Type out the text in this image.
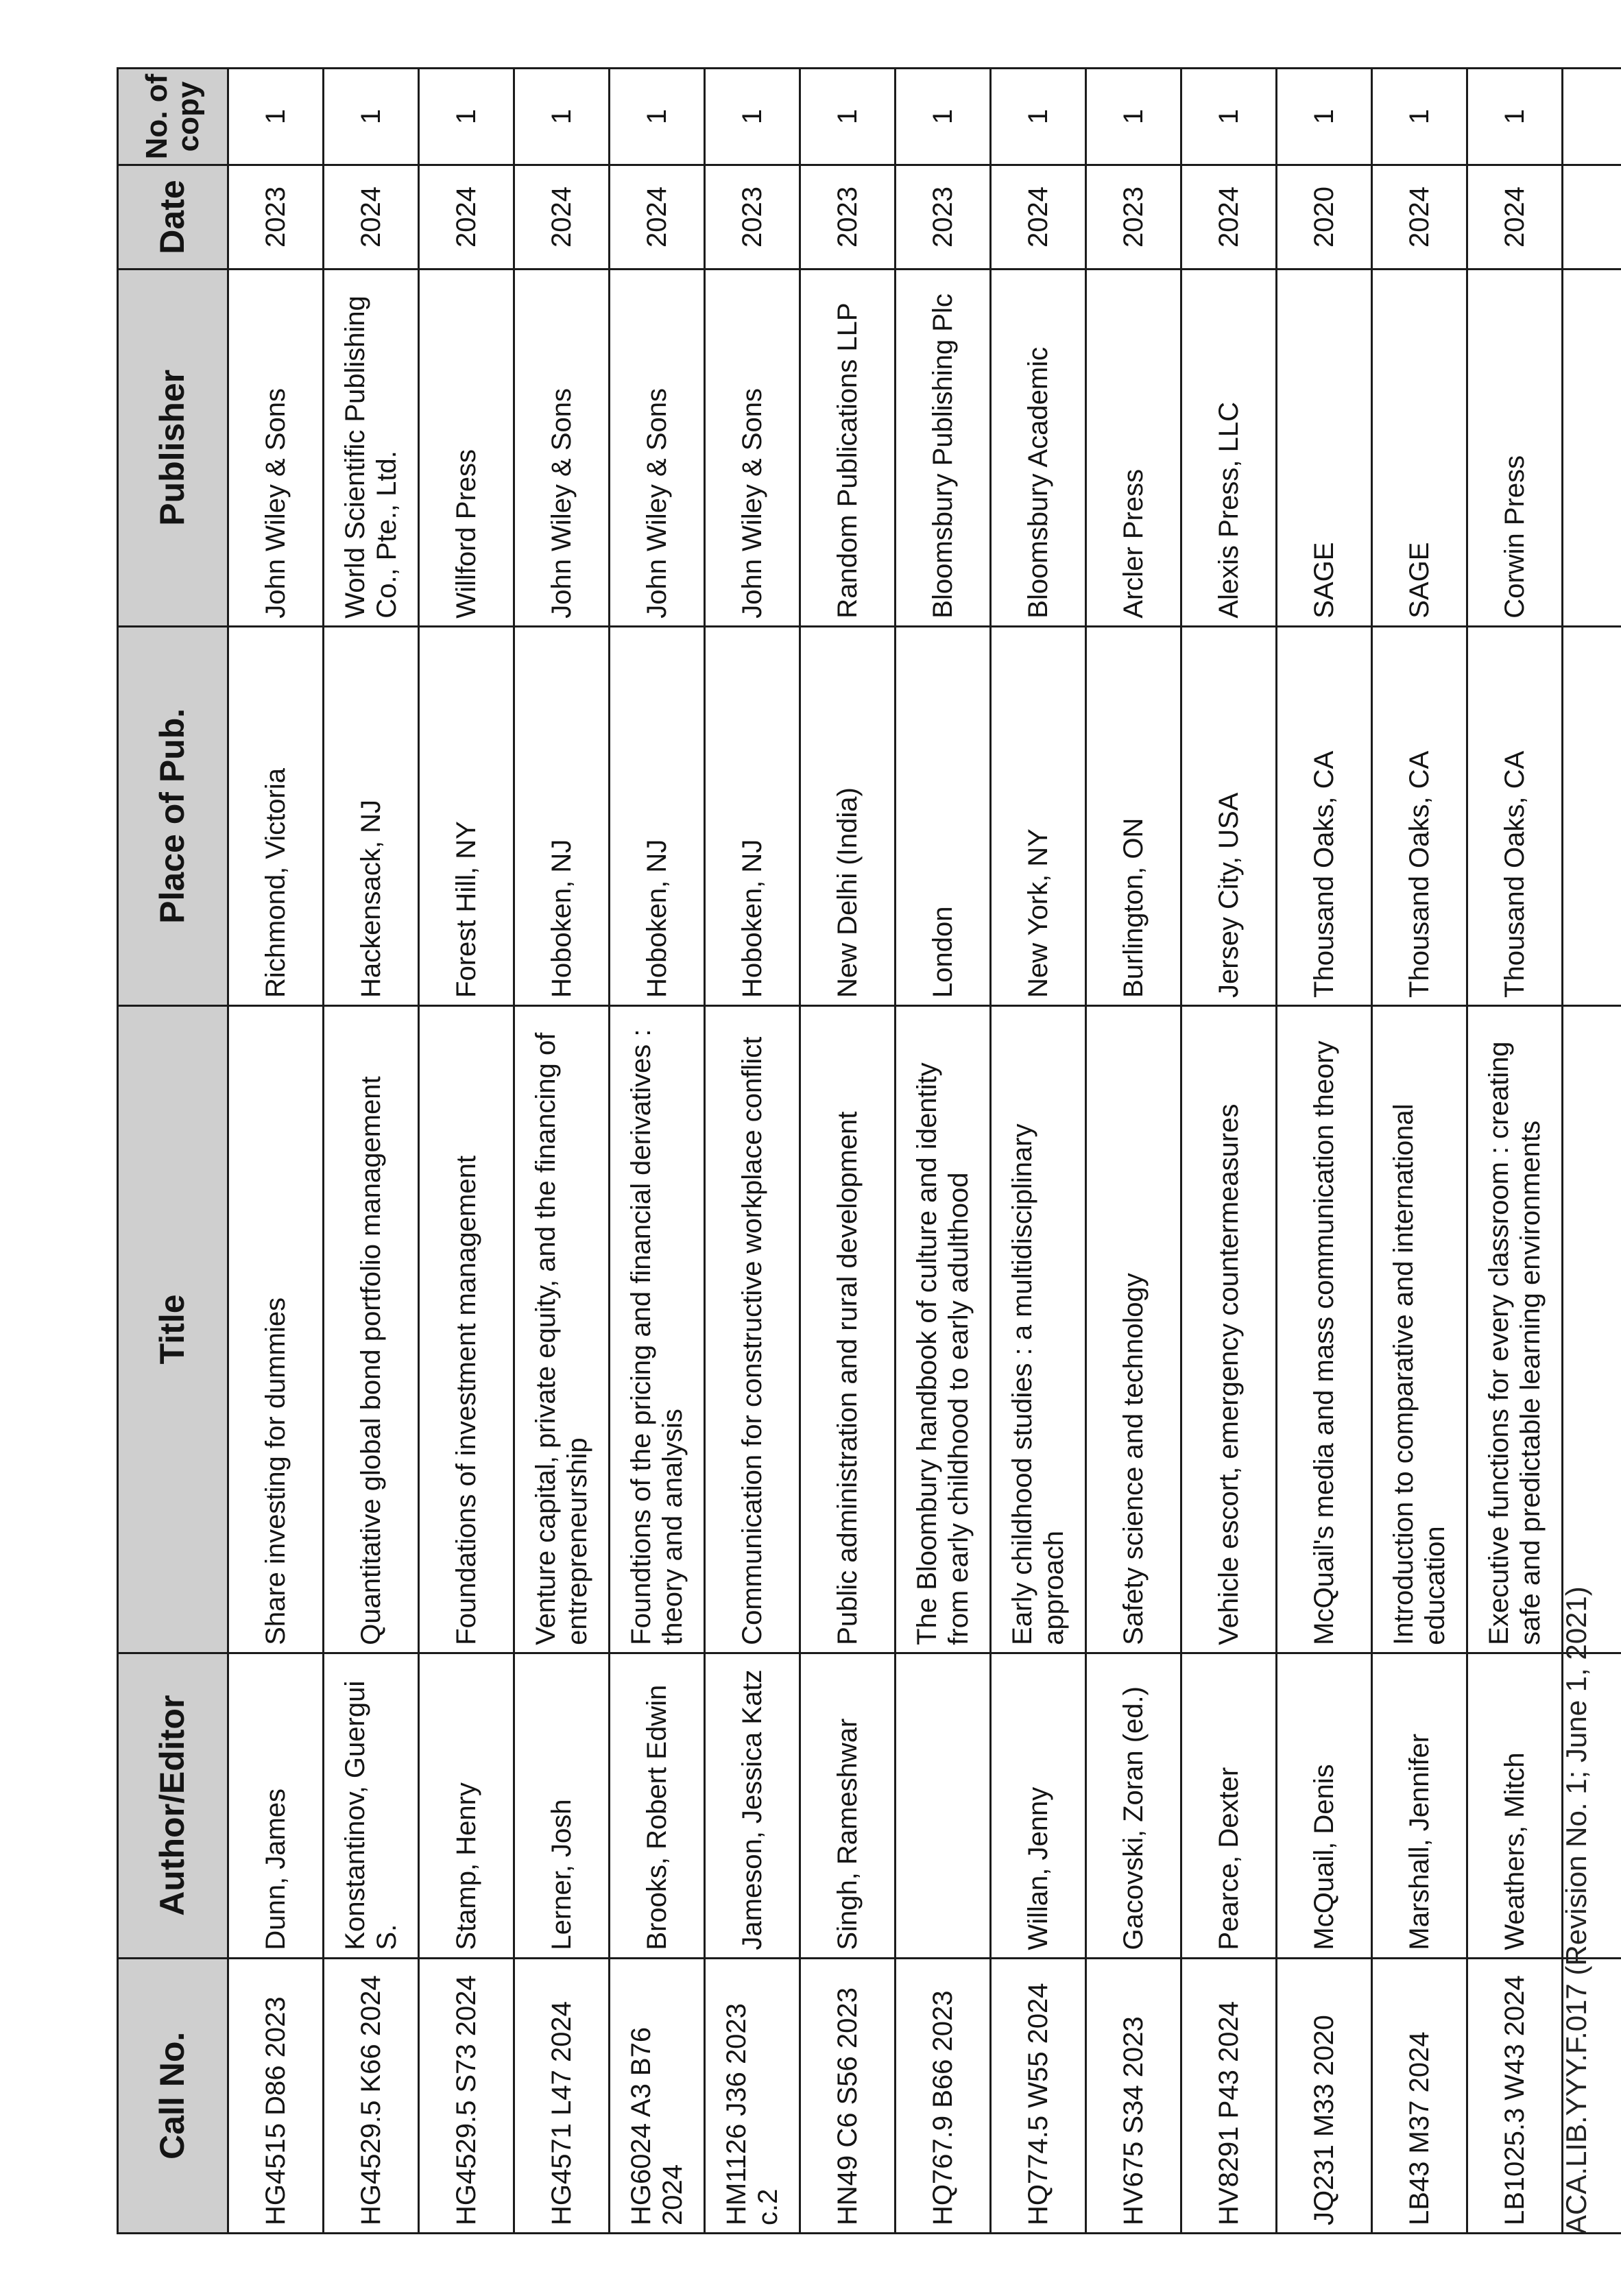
Call No.	Author/Editor	Title	Place of Pub.	Publisher	Date	No. of
copy

HG4515 D86 2023	Dunn, James	Share investing for dummies	Richmond, Victoria	John Wiley & Sons	2023	1
HG4529.5 K66 2024	Konstantinov, Guergui S.	Quantitative global bond portfolio management	Hackensack, NJ	World Scientific Publishing Co., Pte., Ltd.	2024	1
HG4529.5 S73 2024	Stamp, Henry	Foundations of investment management	Forest Hill, NY	Willford Press	2024	1
HG4571 L47 2024	Lerner, Josh	Venture capital, private equity, and the financing of entrepreneurship	Hoboken, NJ	John Wiley & Sons	2024	1
HG6024 A3 B76 2024	Brooks, Robert Edwin	Foundtions of the pricing and financial derivatives : theory and analysis	Hoboken, NJ	John Wiley & Sons	2024	1
HM1126 J36 2023 c.2	Jameson, Jessica Katz	Communication for constructive workplace conflict	Hoboken, NJ	John Wiley & Sons	2023	1
HN49 C6 S56 2023	Singh, Rameshwar	Public administration and rural development	New Delhi (India)	Random Publications LLP	2023	1
HQ767.9 B66 2023		The Bloombury handbook of culture and identity from early childhood to early adulthood	London	Bloomsbury Publishing Plc	2023	1
HQ774.5 W55 2024	Willan, Jenny	Early childhood studies : a multidisciplinary approach	New York, NY	Bloomsbury Academic	2024	1
HV675 S34 2023	Gacovski, Zoran (ed.)	Safety science and technology	Burlington, ON	Arcler Press	2023	1
HV8291 P43 2024	Pearce, Dexter	Vehicle escort, emergency countermeasures	Jersey City, USA	Alexis Press, LLC	2024	1
JQ231 M33 2020	McQuail, Denis	McQuail's media and mass communication theory	Thousand Oaks, CA	SAGE	2020	1
LB43 M37 2024	Marshall, Jennifer	Introduction to comparative and international education	Thousand Oaks, CA	SAGE	2024	1
LB1025.3 W43 2024	Weathers, Mitch	Executive functions for every classroom : creating safe and predictable learning environments	Thousand Oaks, CA	Corwin Press	2024	1

ACA.LIB.YYY.F.017 (Revision No. 1; June 1, 2021)
